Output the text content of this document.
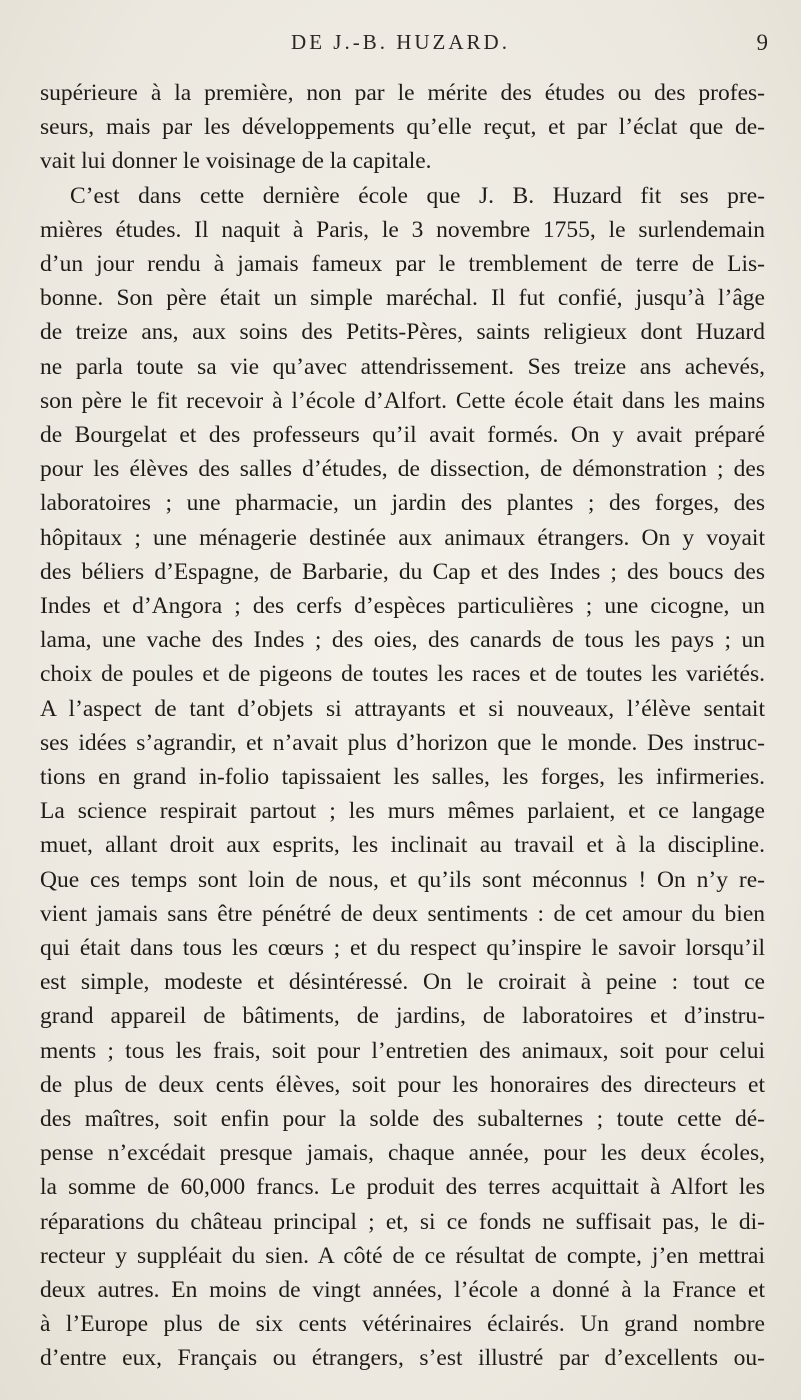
DE J.-B. HUZARD.	9
supérieure à la première, non par le mérite des études ou des profes-
seurs, mais par les développements qu’elle reçut, et par l’éclat que de-
vait lui donner le voisinage de la capitale.
C’est dans cette dernière école que J. B. Huzard fit ses pre-
mières études. Il naquit à Paris, le 3 novembre 1755, le surlendemain
d’un jour rendu à jamais fameux par le tremblement de terre de Lis-
bonne. Son père était un simple maréchal. Il fut confié, jusqu’à l’âge
de treize ans, aux soins des Petits-Pères, saints religieux dont Huzard
ne parla toute sa vie qu’avec attendrissement. Ses treize ans achevés,
son père le fit recevoir à l’école d’Alfort. Cette école était dans les mains
de Bourgelat et des professeurs qu’il avait formés. On y avait préparé
pour les élèves des salles d’études, de dissection, de démonstration ; des
laboratoires ; une pharmacie, un jardin des plantes ; des forges, des
hôpitaux ; une ménagerie destinée aux animaux étrangers. On y voyait
des béliers d’Espagne, de Barbarie, du Cap et des Indes ; des boucs des
Indes et d’Angora ; des cerfs d’espèces particulières ; une cicogne, un
lama, une vache des Indes ; des oies, des canards de tous les pays ; un
choix de poules et de pigeons de toutes les races et de toutes les variétés.
A l’aspect de tant d’objets si attrayants et si nouveaux, l’élève sentait
ses idées s’agrandir, et n’avait plus d’horizon que le monde. Des instruc-
tions en grand in-folio tapissaient les salles, les forges, les infirmeries.
La science respirait partout ; les murs mêmes parlaient, et ce langage
muet, allant droit aux esprits, les inclinait au travail et à la discipline.
Que ces temps sont loin de nous, et qu’ils sont méconnus ! On n’y re-
vient jamais sans être pénétré de deux sentiments : de cet amour du bien
qui était dans tous les cœurs ; et du respect qu’inspire le savoir lorsqu’il
est simple, modeste et désintéressé. On le croirait à peine : tout ce
grand appareil de bâtiments, de jardins, de laboratoires et d’instru-
ments ; tous les frais, soit pour l’entretien des animaux, soit pour celui
de plus de deux cents élèves, soit pour les honoraires des directeurs et
des maîtres, soit enfin pour la solde des subalternes ; toute cette dé-
pense n’excédait presque jamais, chaque année, pour les deux écoles,
la somme de 60,000 francs. Le produit des terres acquittait à Alfort les
réparations du château principal ; et, si ce fonds ne suffisait pas, le di-
recteur y suppléait du sien. A côté de ce résultat de compte, j’en mettrai
deux autres. En moins de vingt années, l’école a donné à la France et
à l’Europe plus de six cents vétérinaires éclairés. Un grand nombre
d’entre eux, Français ou étrangers, s’est illustré par d’excellents ou-
